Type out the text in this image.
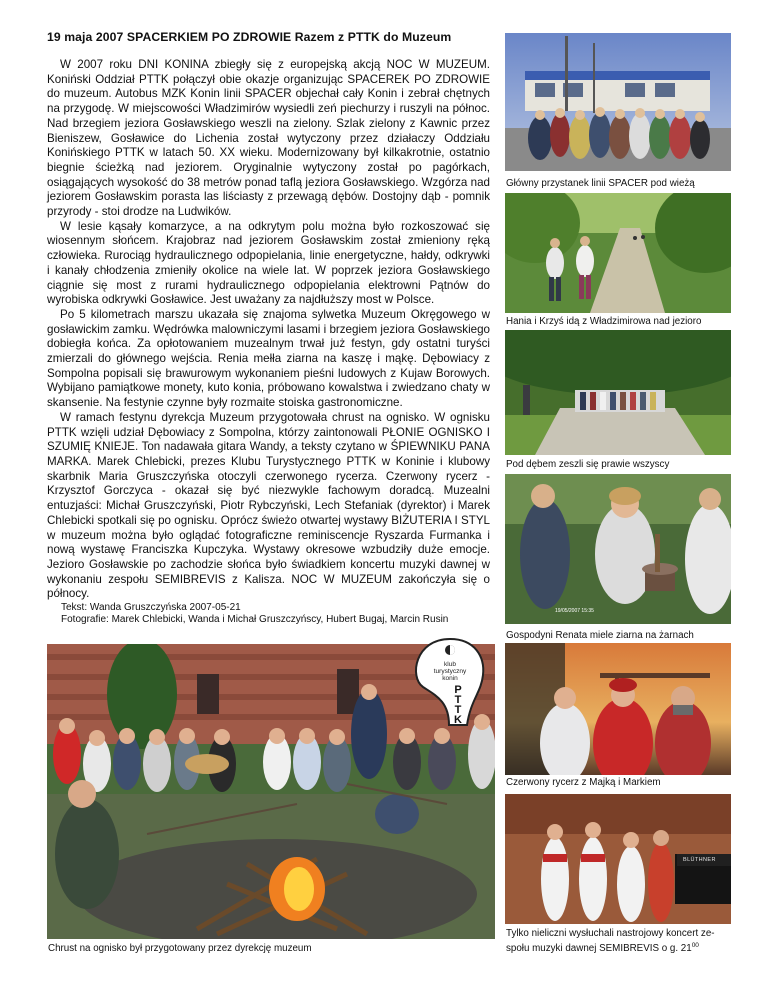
19 maja 2007 SPACERKIEM PO ZDROWIE Razem z PTTK do Muzeum

W 2007 roku DNI KONINA zbiegły się z europejską akcją NOC W MUZEUM. Koniński Oddział PTTK połączył obie okazje organizując SPACEREK PO ZDROWIE do muzeum. Autobus MZK Konin linii SPACER objechał cały Konin i zebrał chętnych na przygodę. W miejscowości Władzimirów wysiedli zeń piechurzy i ruszyli na północ. Nad brzegiem jeziora Gosławskiego weszli na zielony. Szlak zielony z Kawnic przez Bieniszew, Gosławice do Lichenia został wytyczony przez działaczy Oddziału Konińskiego PTTK w latach 50. XX wieku. Modernizowany był kilkakrotnie, ostatnio biegnie ścieżką nad jeziorem. Oryginalnie wytyczony został po pagórkach, osiągających wysokość do 38 metrów ponad taflą jeziora Gosławskiego. Wzgórza nad jeziorem Gosławskim porasta las liściasty z przewagą dębów. Dostojny dąb - pomnik przyrody - stoi drodze na Ludwików.

W lesie kąsały komarzyce, a na odkrytym polu można było rozkoszować się wiosennym słońcem. Krajobraz nad jeziorem Gosławskim został zmieniony ręką człowieka. Rurociąg hydraulicznego odpopielania, linie energetyczne, hałdy, odkrywki i kanały chłodzenia zmieniły okolice na wiele lat. W poprzek jeziora Gosławskiego ciągnie się most z rurami hydraulicznego odpopielania elektrowni Pątnów do wyrobiska odkrywki Gosławice. Jest uważany za najdłuższy most w Polsce.

Po 5 kilometrach marszu ukazała się znajoma sylwetka Muzeum Okręgowego w gosławickim zamku. Wędrówka malowniczymi lasami i brzegiem jeziora Gosławskiego dobiegła końca. Za opłotowaniem muzealnym trwał już festyn, gdy ostatni turyści zmierzali do głównego wejścia. Renia mełła ziarna na kaszę i mąkę. Dębowiacy z Sompolna popisali się brawurowym wykonaniem pieśni ludowych z Kujaw Borowych. Wybijano pamiątkowe monety, kuto konia, próbowano kowalstwa i zwiedzano chaty w skansenie. Na festynie czynne były rozmaite stoiska gastronomiczne.

W ramach festynu dyrekcja Muzeum przygotowała chrust na ognisko. W ognisku PTTK wzięli udział Dębowiacy z Sompolna, którzy zaintonowali PŁONIE OGNISKO I SZUMIĘ KNIEJE. Ton nadawała gitara Wandy, a teksty czytano w ŚPIEWNIKU PANA MARKA. Marek Chlebicki, prezes Klubu Turystycznego PTTK w Koninie i klubowy skarbnik Maria Gruszczyńska otoczyli czerwonego rycerza. Czerwony rycerz - Krzysztof Gorczyca - okazał się być niezwykle fachowym doradcą. Muzealni entuzjaści: Michał Gruszczyński, Piotr Rybczyński, Lech Stefaniak (dyrektor) i Marek Chlebicki spotkali się po ognisku. Oprócz świeżo otwartej wystawy BIŻUTERIA I STYL w muzeum można było oglądać fotograficzne reminiscencje Ryszarda Furmanka i nową wystawę Franciszka Kupczyka. Wystawy okresowe wzbudziły duże emocje. Jezioro Gosławskie po zachodzie słońca było świadkiem koncertu muzyki dawnej w wykonaniu zespołu SEMIBREVIS z Kalisza. NOC W MUZEUM zakończyła się o północy.

Tekst: Wanda Gruszczyńska 2007-05-21
Fotografie: Marek Chlebicki, Wanda i Michał Gruszczyńscy, Hubert Bugaj, Marcin Rusin
Główny przystanek linii SPACER pod wieżą
Hania i Krzyś idą z Władzimirowa nad jezioro
Pod dębem zeszli się prawie wszyscy
19/05/2007 15:35
Gospodyni Renata miele ziarna na żarnach
Czerwony rycerz z Majką i Markiem
BLÜTHNER
Tylko nieliczni wysłuchali nastrojowy koncert zespołu muzyki dawnej SEMIBREVIS o g. $21^{00}$
Chrust na ognisko był przygotowany przez dyrekcję muzeum
klub
turystyczny
konin
P
T
T
K
